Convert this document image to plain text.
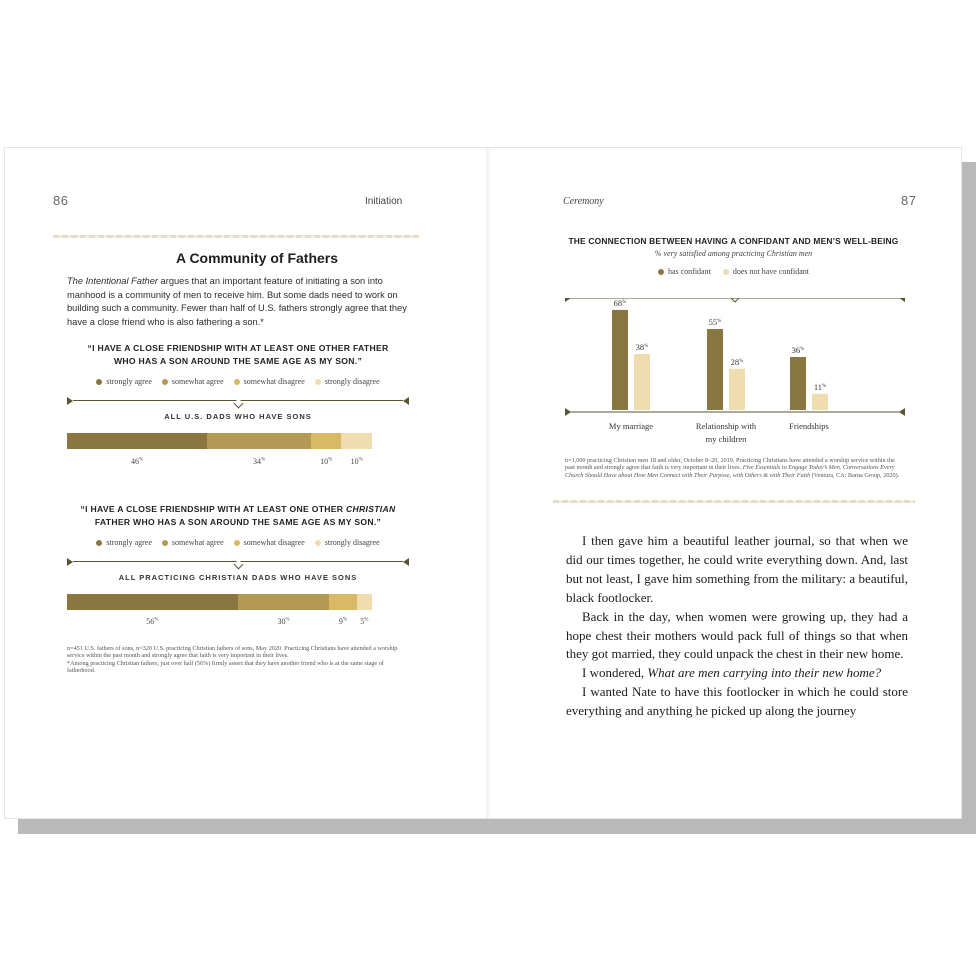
86	Initiation
A Community of Fathers
The Intentional Father argues that an important feature of initiating a son into manhood is a community of men to receive him. But some dads need to work on building such a community. Fewer than half of U.S. fathers strongly agree that they have a close friend who is also fathering a son.*
“I HAVE A CLOSE FRIENDSHIP WITH AT LEAST ONE OTHER FATHER
WHO HAS A SON AROUND THE SAME AGE AS MY SON.”
strongly agree	somewhat agree	somewhat disagree	strongly disagree
ALL U.S. DADS WHO HAVE SONS
46%	34%	10% 10%
“I HAVE A CLOSE FRIENDSHIP WITH AT LEAST ONE OTHER CHRISTIAN
FATHER WHO HAS A SON AROUND THE SAME AGE AS MY SON.”
strongly agree	somewhat agree	somewhat disagree	strongly disagree
ALL PRACTICING CHRISTIAN DADS WHO HAVE SONS
56%	30%	9% 5%
n=451 U.S. fathers of sons, n=320 U.S. practicing Christian fathers of sons, May 2020. Practicing Christians have attended a worship service within the past month and strongly agree that faith is very important in their lives.
*Among practicing Christian fathers, just over half (56%) firmly assert that they have another friend who is at the same stage of fatherhood.
Ceremony	87
THE CONNECTION BETWEEN HAVING A CONFIDANT AND MEN’S WELL-BEING
% very satisfied among practicing Christian men
has confidant	does not have confidant
68%
38%
My marriage
55%
28%
Relationship with
my children
36%
11%
Friendships
n=1,000 practicing Christian men 18 and older, October 8–20, 2019. Practicing Christians have attended a worship service within the past month and strongly agree that faith is very important in their lives. Five Essentials to Engage Today’s Men. Conversations Every Church Should Have about How Men Connect with Their Purpose, with Others & with Their Faith (Ventura, CA: Barna Group, 2020).

I then gave him a beautiful leather journal, so that when we did our times together, he could write everything down. And, last but not least, I gave him something from the military: a beautiful, black footlocker.

Back in the day, when women were growing up, they had a hope chest their mothers would pack full of things so that when they got married, they could unpack the chest in their new home.

I wondered, What are men carrying into their new home?

I wanted Nate to have this footlocker in which he could store everything and anything he picked up along the journey
